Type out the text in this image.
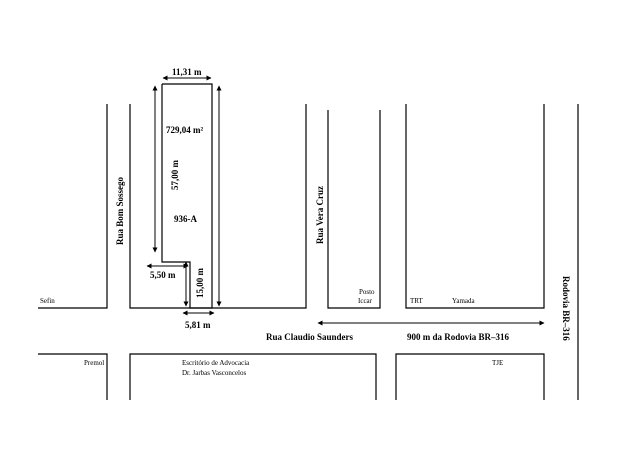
11,31 m
729,04 m²
57,00 m
936-A
5,50 m 15,00 m
5,81 m
Rua Bom Sossego	Rua Vera Cruz
Rua Claudio Saunders	900 m da Rodovia BR–316	Rodovia BR–316
Sefin
Posto
Iccar	TRT	Yamada
Premol	Escritório de Advocacia
Dr. Jarbas Vasconcelos
TJE
